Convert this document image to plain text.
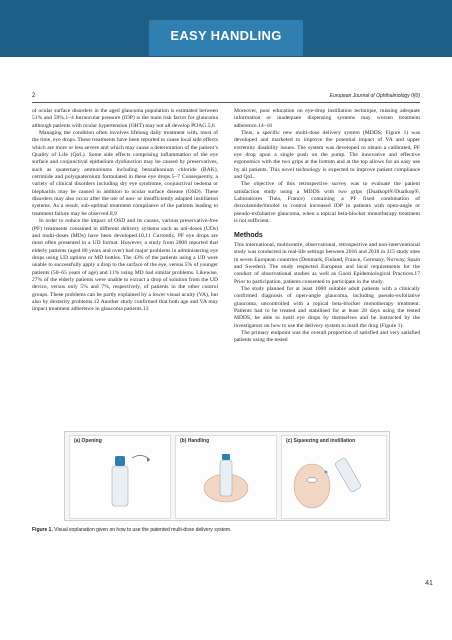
EASY HANDLING
2	European Journal of Ophthalmology 0(0)

of ocular surface disorders in the aged glaucoma population is estimated between 51% and 59%.1–4 Intraocular pressure (IOP) is the main risk factor for glaucoma although patients with ocular hypertension (OHT) may not all develop POAG.5,6

Managing the condition often involves lifelong daily treatment with, most of the time, eye drops. These treatments have been reported to cause local side effects which are more or less severe and which may cause a deterioration of the patient’s Quality of Life (QoL). Some side effects comprising inflammation of the eye surface and conjunctival epithelium dysfunction may be caused by preservatives, such as quaternary ammoniums including benzalkonium chloride (BAK), cetrimide and polyquaternium formulated in these eye drops.5–7 Consequently, a variety of clinical disorders including dry eye syndrome, conjunctival oedema or blepharitis may be caused in addition to ocular surface disease (OSD). These disorders may also occur after the use of non- or insufficiently adapted instillation systems. As a result, sub-optimal treatment compliance of the patients leading to treatment failure may be observed.8,9

In order to reduce the impact of OSD and its causes, various preservative-free (PF) treatments contained in different delivery systems such as uni-doses (UDs) and multi-doses (MDs) have been developed.10,11 Currently, PF eye drops are most often presented in a UD format. However, a study from 2008 reported that elderly patients (aged 80 years and over) had major problems in administering eye drops using UD options or MD bottles. The 43% of the patients using a UD were unable to successfully apply a drop to the surface of the eye, versus 5% of younger patients (50–65 years of age) and 11% using MD had similar problems. Likewise, 27% of the elderly patients were unable to extract a drop of solution from the UD device, versus only 5% and 7%, respectively, of patients in the other control groups. These problems can be partly explained by a lower visual acuity (VA), but also by dexterity problems.12 Another study confirmed that both age and VA may impact treatment adherence in glaucoma patients.13

Moreover, poor education on eye-drop instillation technique, missing adequate information or inadequate dispensing systems may worsen treatment adherence.14–16

Thus, a specific new multi-dose delivery system (MDDS; Figure 1) was developed and marketed to improve the potential impact of VA and upper extremity disability issues. The system was developed to obtain a calibrated, PF eye drop upon a single push on the pump. The innovative and effective ergonomics with the two grips at the bottom and at the top allows for an easy use by all patients. This novel technology is expected to improve patient compliance and QoL.

The objective of this retrospective survey was to evaluate the patient satisfaction study using a MDDS with two grips (Dualkopt®/Dualkop®, Laboratoires Théa, France) containing a PF fixed combination of dorzolamide/timolol to control increased IOP in patients with open-angle or pseudo-exfoliative glaucoma, when a topical beta-blocker monotherapy treatment is not sufficient.

Methods

This international, multicentre, observational, retrospective and non-interventional study was conducted in real-life settings between 2016 and 2018 in 315 study sites in seven European countries (Denmark, Finland, France, Germany, Norway, Spain and Sweden). The study respected European and local requirements for the conduct of observational studies as well as Good Epidemiological Practices.17 Prior to participation, patients consented to participate in the study.

The study planned for at least 1000 suitable adult patients with a clinically confirmed diagnosis of open-angle glaucoma, including pseudo-exfoliative glaucoma, uncontrolled with a topical beta-blocker monotherapy treatment. Patients had to be treated and stabilised for at least 28 days using the tested MDDS, be able to instil eye drops by themselves and be instructed by the investigators on how to use the delivery system to instil the drug (Figure 1).

The primary endpoint was the overall proportion of satisfied and very satisfied patients using the tested

(a) Opening	(b) Handling	(c) Squeezing and instillation
Figure 1. Visual explanation given on how to use the patented multi-dose delivery system.
41
